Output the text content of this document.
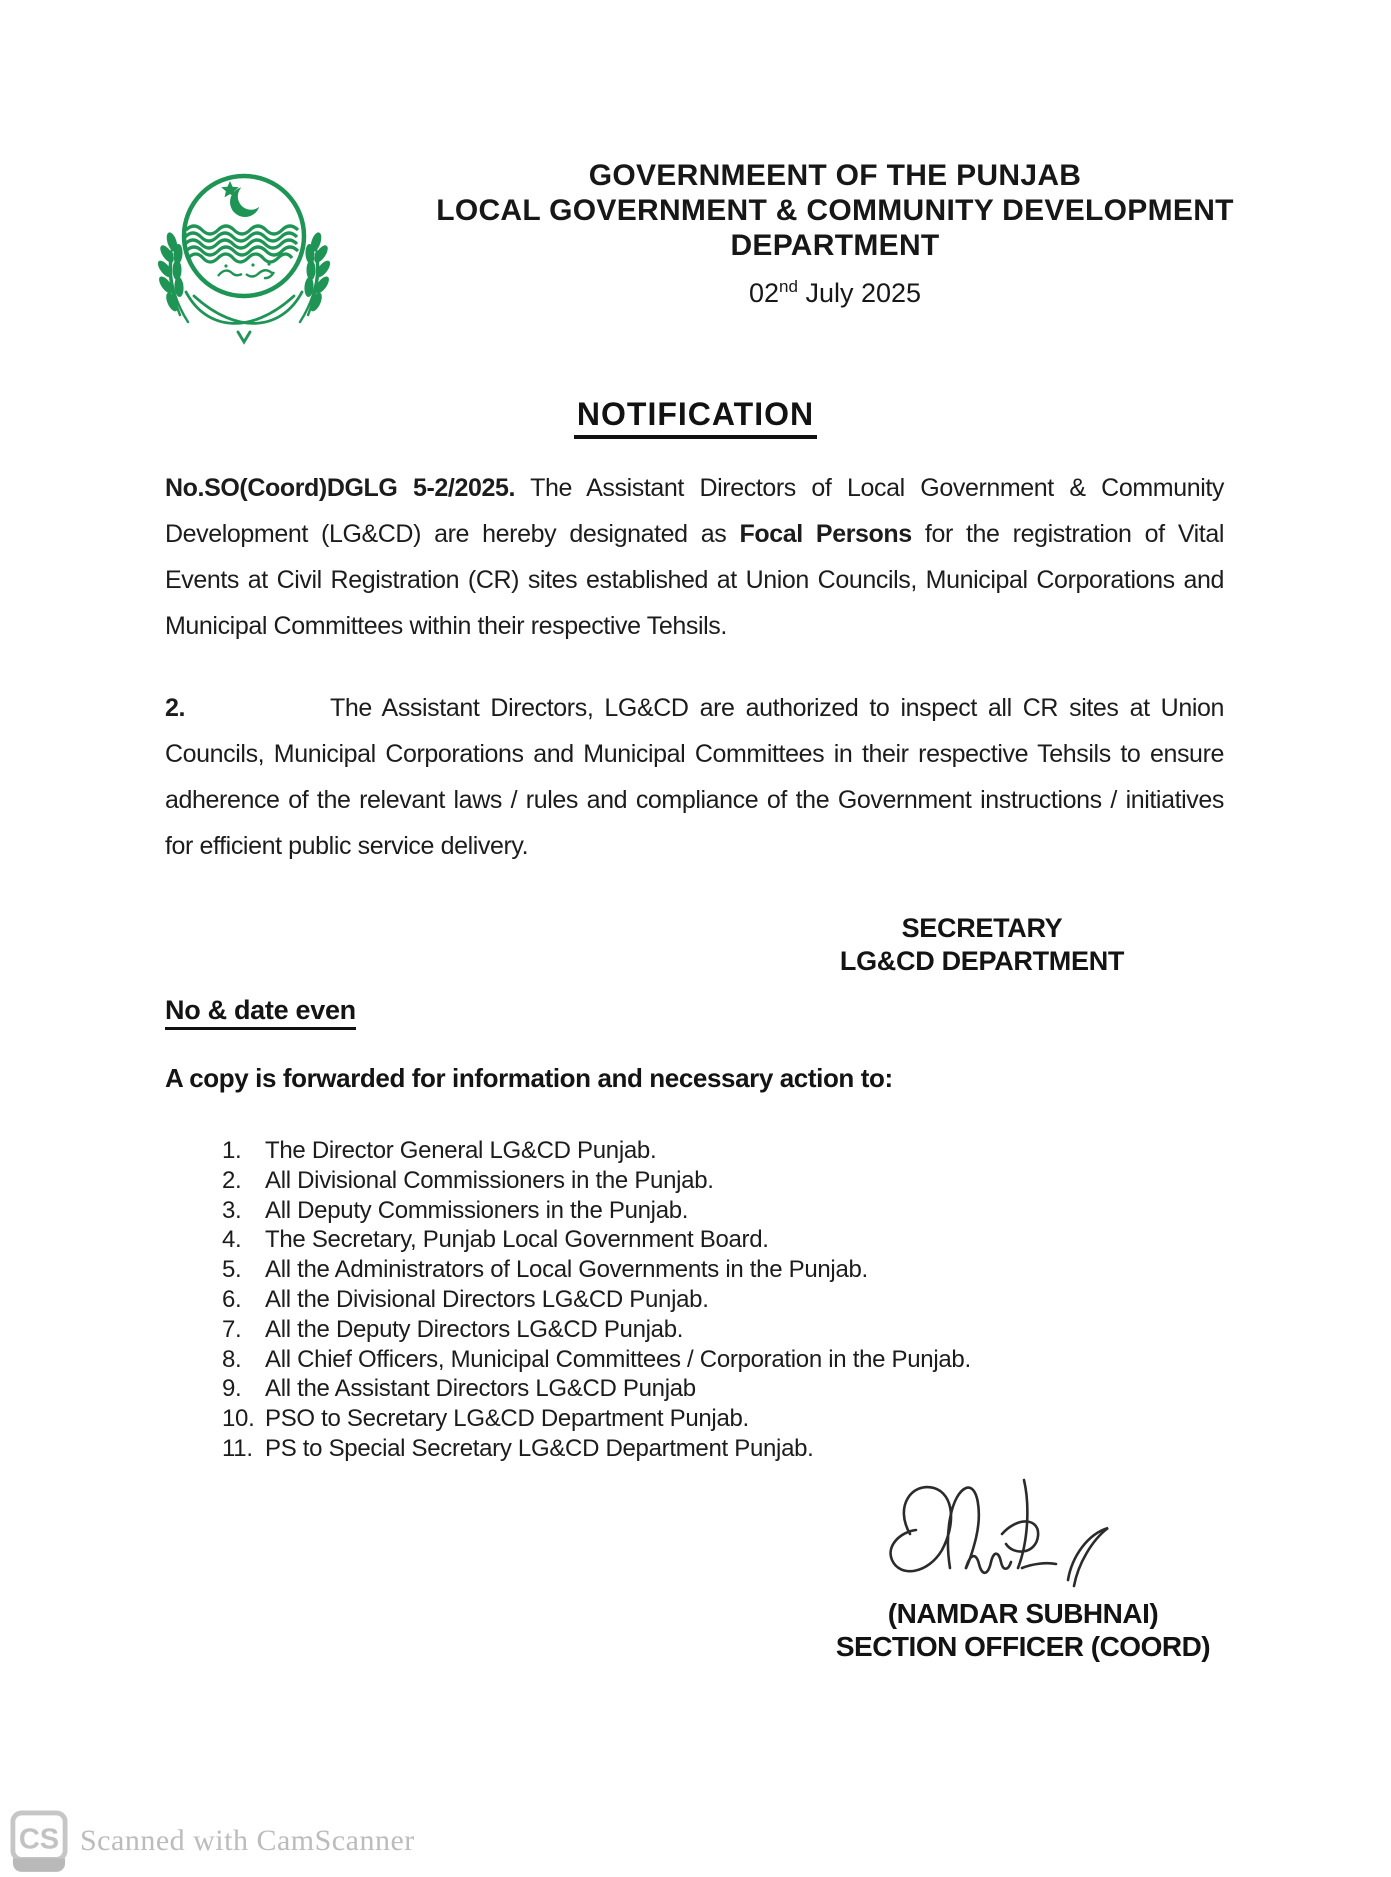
GOVERNMEENT OF THE PUNJAB
LOCAL GOVERNMENT & COMMUNITY DEVELOPMENT
DEPARTMENT
02nd July 2025
NOTIFICATION

No.SO(Coord)DGLG 5-2/2025. The Assistant Directors of Local Government & Community Development (LG&CD) are hereby designated as Focal Persons for the registration of Vital Events at Civil Registration (CR) sites established at Union Councils, Municipal Corporations and Municipal Committees within their respective Tehsils.

2.	The Assistant Directors, LG&CD are authorized to inspect all CR sites at Union Councils, Municipal Corporations and Municipal Committees in their respective Tehsils to ensure adherence of the relevant laws / rules and compliance of the Government instructions / initiatives for efficient public service delivery.

SECRETARY
LG&CD DEPARTMENT
No & date even
A copy is forwarded for information and necessary action to:
1. The Director General LG&CD Punjab.
2. All Divisional Commissioners in the Punjab.
3. All Deputy Commissioners in the Punjab.
4. The Secretary, Punjab Local Government Board.
5. All the Administrators of Local Governments in the Punjab.
6. All the Divisional Directors LG&CD Punjab.
7. All the Deputy Directors LG&CD Punjab.
8. All Chief Officers, Municipal Committees / Corporation in the Punjab.
9. All the Assistant Directors LG&CD Punjab
10. PSO to Secretary LG&CD Department Punjab.
11. PS to Special Secretary LG&CD Department Punjab.
(NAMDAR SUBHNAI)
SECTION OFFICER (COORD)
CS Scanned with CamScanner
